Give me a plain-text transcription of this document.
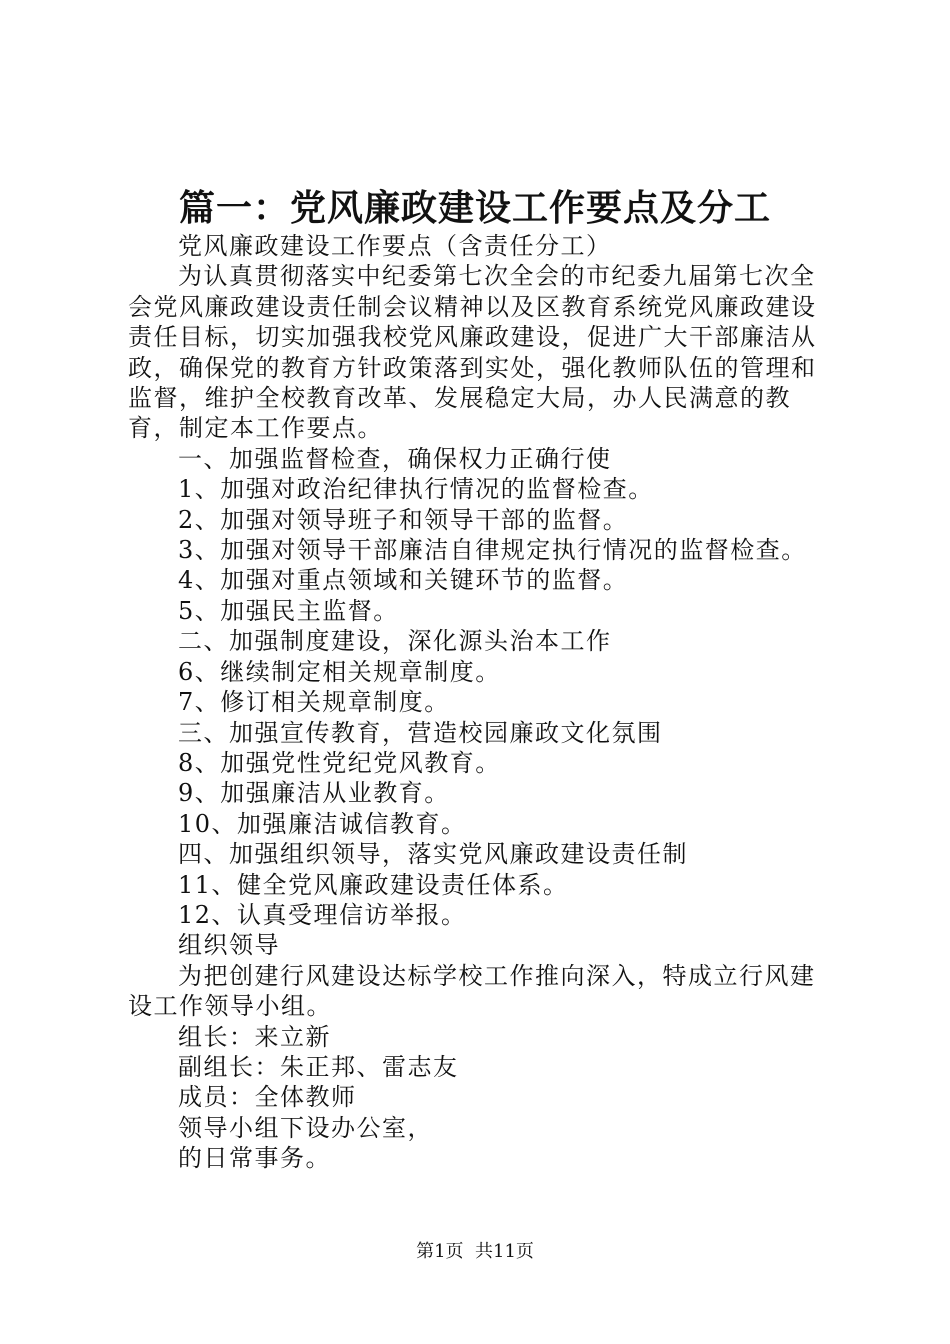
篇一：党风廉政建设工作要点及分工

党风廉政建设工作要点（含责任分工）

为认真贯彻落实中纪委第七次全会的市纪委九届第七次全会党风廉政建设责任制会议精神以及区教育系统党风廉政建设责任目标，切实加强我校党风廉政建设，促进广大干部廉洁从政，确保党的教育方针政策落到实处，强化教师队伍的管理和监督，维护全校教育改革、发展稳定大局，办人民满意的教育，制定本工作要点。

一、加强监督检查，确保权力正确行使

1、加强对政治纪律执行情况的监督检查。

2、加强对领导班子和领导干部的监督。

3、加强对领导干部廉洁自律规定执行情况的监督检查。

4、加强对重点领域和关键环节的监督。

5、加强民主监督。

二、加强制度建设，深化源头治本工作

6、继续制定相关规章制度。

7、修订相关规章制度。

三、加强宣传教育，营造校园廉政文化氛围

8、加强党性党纪党风教育。

9、加强廉洁从业教育。

10、加强廉洁诚信教育。

四、加强组织领导，落实党风廉政建设责任制

11、健全党风廉政建设责任体系。

12、认真受理信访举报。

组织领导

为把创建行风建设达标学校工作推向深入，特成立行风建设工作领导小组。

组长：来立新

副组长：朱正邦、雷志友

成员：全体教师

领导小组下设办公室，

的日常事务。

第1页  共11页
